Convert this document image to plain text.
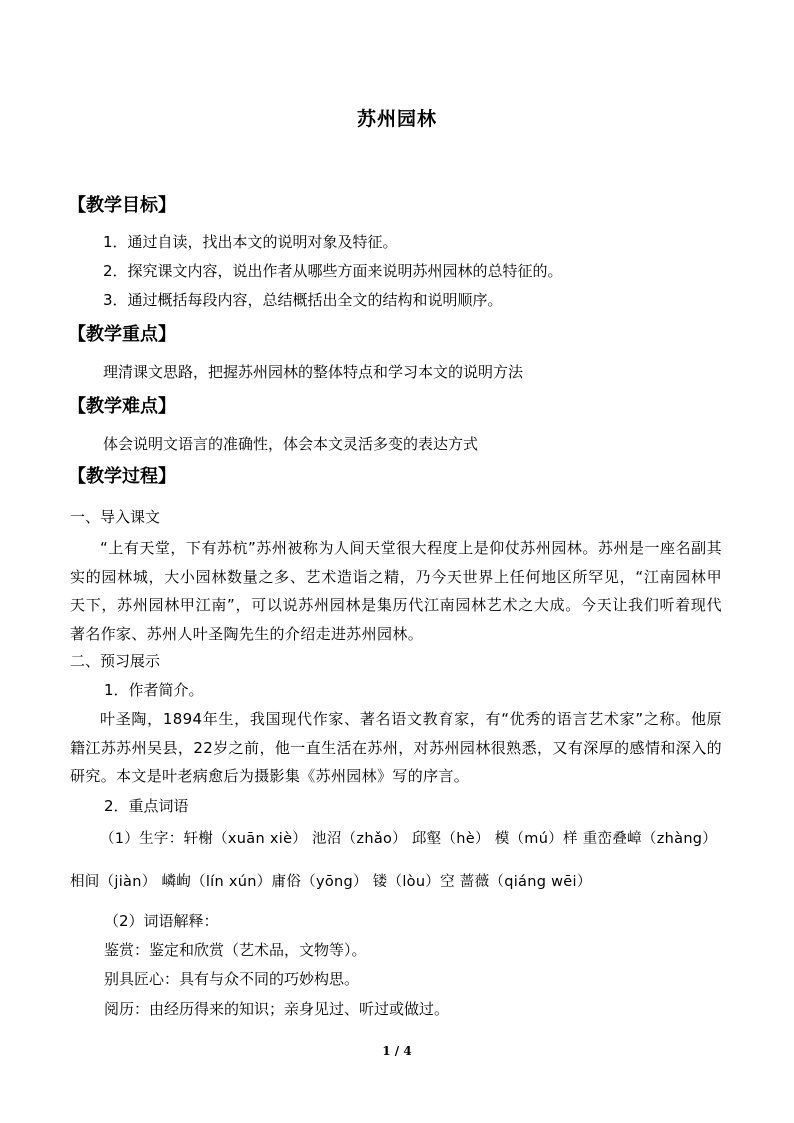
苏州园林
【教学目标】
1．通过自读，找出本文的说明对象及特征。
2．探究课文内容，说出作者从哪些方面来说明苏州园林的总特征的。
3．通过概括每段内容，总结概括出全文的结构和说明顺序。
【教学重点】
理清课文思路，把握苏州园林的整体特点和学习本文的说明方法
【教学难点】
体会说明文语言的准确性，体会本文灵活多变的表达方式
【教学过程】
一、导入课文
“上有天堂，下有苏杭”苏州被称为人间天堂很大程度上是仰仗苏州园林。苏州是一座名副其实的园林城，大小园林数量之多、艺术造诣之精，乃今天世界上任何地区所罕见，“江南园林甲天下，苏州园林甲江南”，可以说苏州园林是集历代江南园林艺术之大成。今天让我们听着现代著名作家、苏州人叶圣陶先生的介绍走进苏州园林。
二、预习展示
1．作者简介。
叶圣陶，1894年生，我国现代作家、著名语文教育家，有“优秀的语言艺术家”之称。他原籍江苏苏州吴县，22岁之前，他一直生活在苏州，对苏州园林很熟悉，又有深厚的感情和深入的研究。本文是叶老病愈后为摄影集《苏州园林》写的序言。
2．重点词语
（1）生字：轩榭（xuān xiè） 池沼（zhǎo） 邱壑（hè） 模（mú）样 重峦叠嶂（zhàng） 相间（jiàn） 嶙峋（lín xún）庸俗（yōng） 镂（lòu）空 蔷薇（qiáng wēi）
（2）词语解释：
鉴赏：鉴定和欣赏（艺术品，文物等）。
别具匠心：具有与众不同的巧妙构思。
阅历：由经历得来的知识；亲身见过、听过或做过。
1 / 4
